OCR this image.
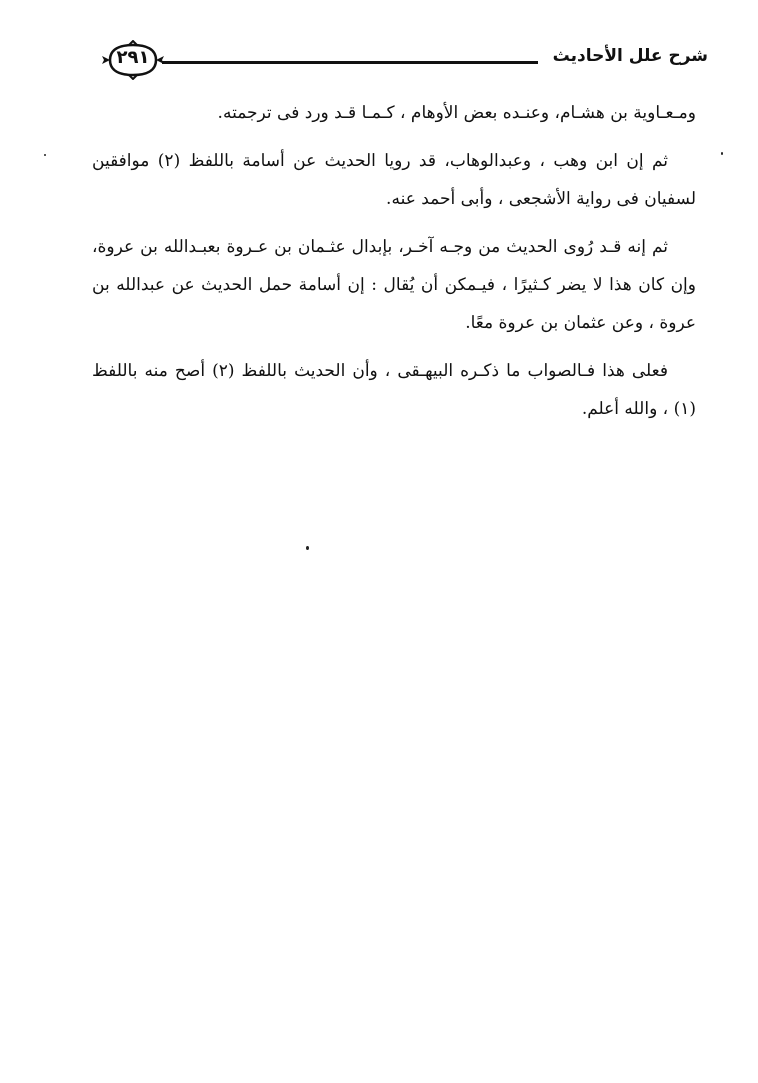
شرح علل الأحاديث
٢٩١

ومـعـاوية بن هشـام، وعنـده بعض الأوهام ، كـمـا قـد ورد فى ترجمته.

ثم إن ابن وهب ، وعبدالوهاب، قد رويا الحديث عن أسامة باللفظ (٢) موافقين لسفيان فى رواية الأشجعى ، وأبى أحمد عنه.

ثم إنه قـد رُوى الحديث من وجـه آخـر، بإبدال عثـمان بن عـروة بعبـدالله بن عروة، وإن كان هذا لا يضر كـثيرًا ، فيـمكن أن يُقال : إن أسامة حمل الحديث عن عبدالله بن عروة ، وعن عثمان بن عروة معًا.

فعلى هذا فـالصواب ما ذكـره البيهـقى ، وأن الحديث باللفظ (٢) أصح منه باللفظ (١) ، والله أعلم.
